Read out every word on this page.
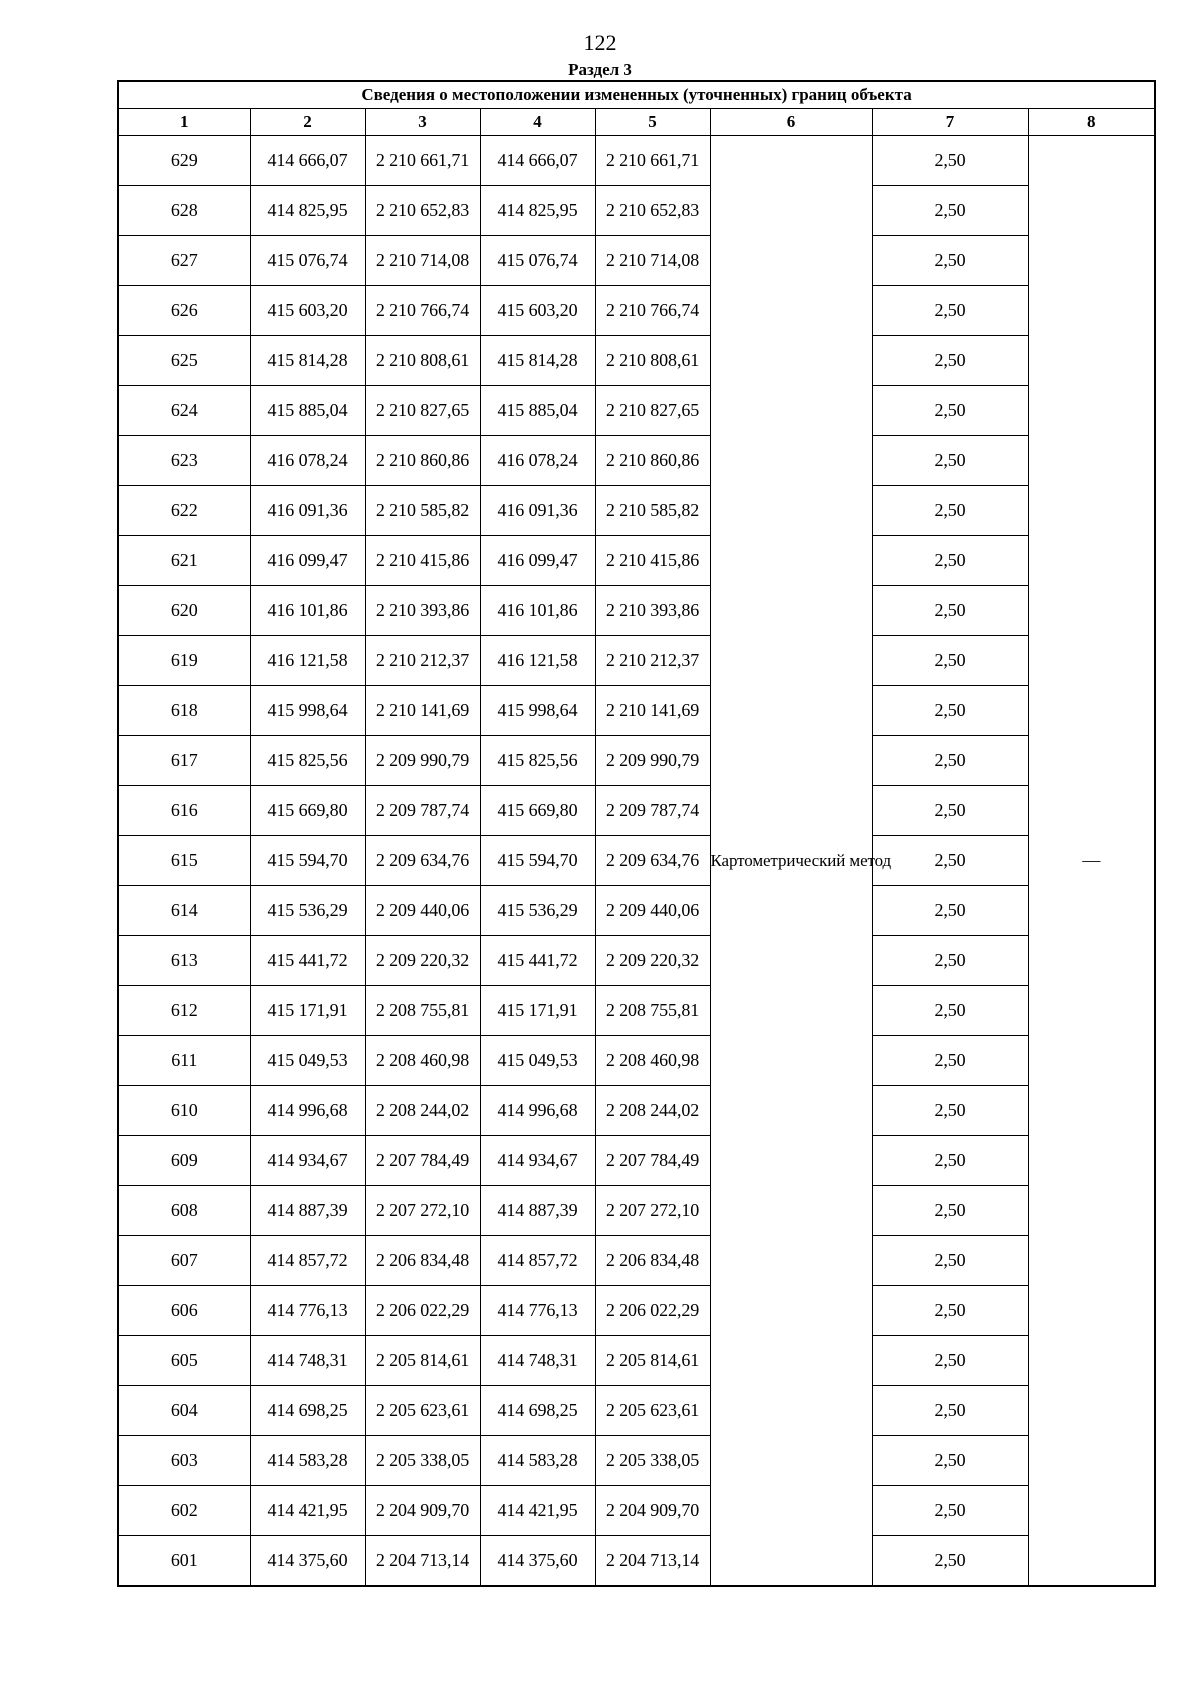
122
Раздел 3
Сведения о местоположении измененных (уточненных) границ объекта							
1	2	3	4	5	6	7	8
629	414 666,07	2 210 661,71	414 666,07	2 210 661,71	Картометрический метод	2,50	—
628	414 825,95	2 210 652,83	414 825,95	2 210 652,83		2,50	
627	415 076,74	2 210 714,08	415 076,74	2 210 714,08		2,50	
626	415 603,20	2 210 766,74	415 603,20	2 210 766,74		2,50	
625	415 814,28	2 210 808,61	415 814,28	2 210 808,61		2,50	
624	415 885,04	2 210 827,65	415 885,04	2 210 827,65		2,50	
623	416 078,24	2 210 860,86	416 078,24	2 210 860,86		2,50	
622	416 091,36	2 210 585,82	416 091,36	2 210 585,82		2,50	
621	416 099,47	2 210 415,86	416 099,47	2 210 415,86		2,50	
620	416 101,86	2 210 393,86	416 101,86	2 210 393,86		2,50	
619	416 121,58	2 210 212,37	416 121,58	2 210 212,37		2,50	
618	415 998,64	2 210 141,69	415 998,64	2 210 141,69		2,50	
617	415 825,56	2 209 990,79	415 825,56	2 209 990,79		2,50	
616	415 669,80	2 209 787,74	415 669,80	2 209 787,74		2,50	
615	415 594,70	2 209 634,76	415 594,70	2 209 634,76		2,50	
614	415 536,29	2 209 440,06	415 536,29	2 209 440,06		2,50	
613	415 441,72	2 209 220,32	415 441,72	2 209 220,32		2,50	
612	415 171,91	2 208 755,81	415 171,91	2 208 755,81		2,50	
611	415 049,53	2 208 460,98	415 049,53	2 208 460,98		2,50	
610	414 996,68	2 208 244,02	414 996,68	2 208 244,02		2,50	
609	414 934,67	2 207 784,49	414 934,67	2 207 784,49		2,50	
608	414 887,39	2 207 272,10	414 887,39	2 207 272,10		2,50	
607	414 857,72	2 206 834,48	414 857,72	2 206 834,48		2,50	
606	414 776,13	2 206 022,29	414 776,13	2 206 022,29		2,50	
605	414 748,31	2 205 814,61	414 748,31	2 205 814,61		2,50	
604	414 698,25	2 205 623,61	414 698,25	2 205 623,61		2,50	
603	414 583,28	2 205 338,05	414 583,28	2 205 338,05		2,50	
602	414 421,95	2 204 909,70	414 421,95	2 204 909,70		2,50	
601	414 375,60	2 204 713,14	414 375,60	2 204 713,14		2,50	
